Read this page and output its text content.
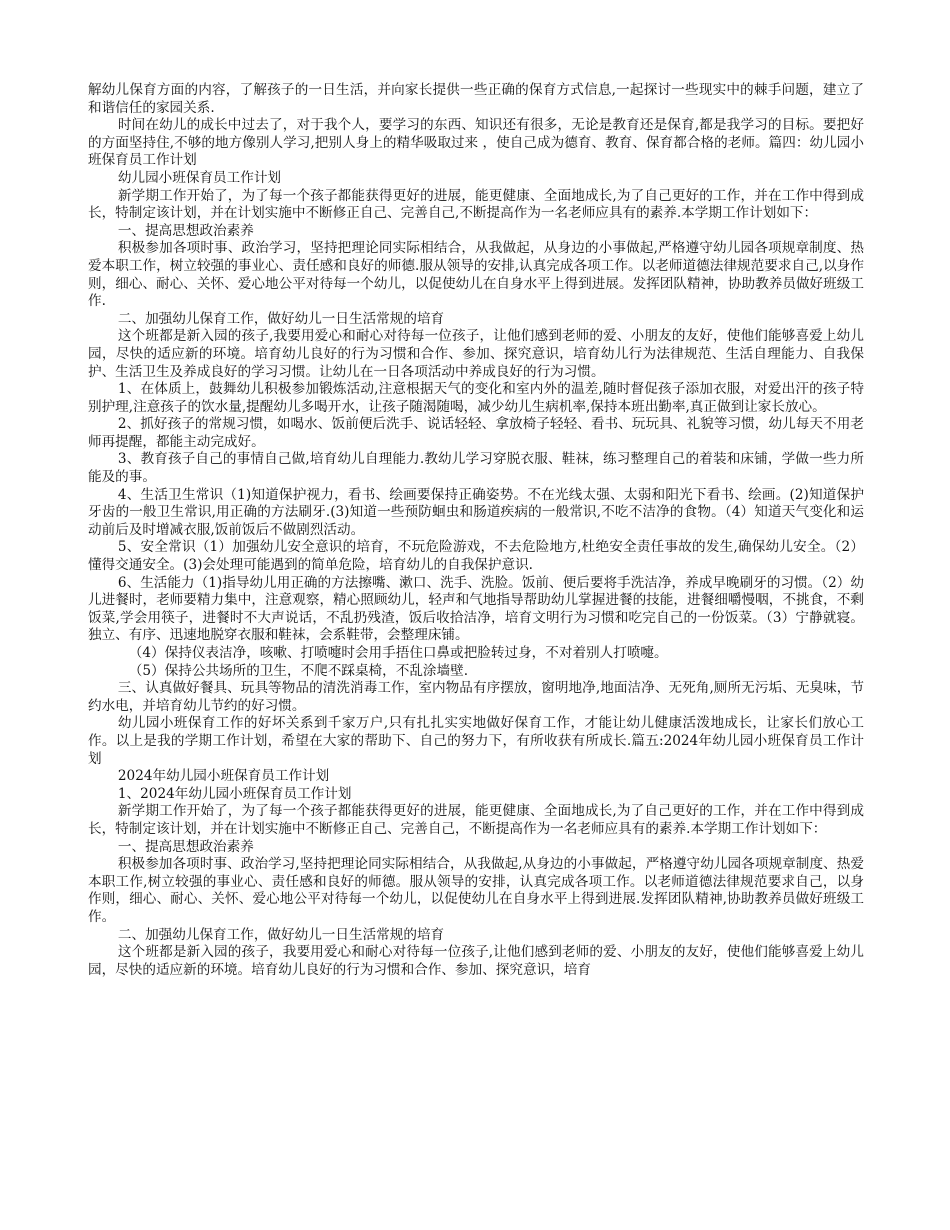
解幼儿保育方面的内容，了解孩子的一日生活，并向家长提供一些正确的保育方式信息,一起探讨一些现实中的棘手问题，建立了和谐信任的家园关系.

时间在幼儿的成长中过去了，对于我个人，要学习的东西、知识还有很多，无论是教育还是保育,都是我学习的目标。要把好的方面坚持住,不够的地方像别人学习,把别人身上的精华吸取过来 ，使自己成为德育、教育、保育都合格的老师。篇四：幼儿园小班保育员工作计划

幼儿园小班保育员工作计划

新学期工作开始了，为了每一个孩子都能获得更好的进展，能更健康、全面地成长,为了自己更好的工作，并在工作中得到成长，特制定该计划，并在计划实施中不断修正自己、完善自己,不断提高作为一名老师应具有的素养.本学期工作计划如下：

一、提高思想政治素养

积极参加各项时事、政治学习，坚持把理论同实际相结合，从我做起，从身边的小事做起,严格遵守幼儿园各项规章制度、热爱本职工作，树立较强的事业心、责任感和良好的师德.服从领导的安排,认真完成各项工作。以老师道德法律规范要求自己,以身作则，细心、耐心、关怀、爱心地公平对待每一个幼儿，以促使幼儿在自身水平上得到进展。发挥团队精神，协助教养员做好班级工作.

二、加强幼儿保育工作，做好幼儿一日生活常规的培育

这个班都是新入园的孩子,我要用爱心和耐心对待每一位孩子，让他们感到老师的爱、小朋友的友好，使他们能够喜爱上幼儿园，尽快的适应新的环境。培育幼儿良好的行为习惯和合作、参加、探究意识，培育幼儿行为法律规范、生活自理能力、自我保护、生活卫生及养成良好的学习习惯。让幼儿在一日各项活动中养成良好的行为习惯。

1、在体质上，鼓舞幼儿积极参加锻炼活动,注意根据天气的变化和室内外的温差,随时督促孩子添加衣服，对爱出汗的孩子特别护理,注意孩子的饮水量,提醒幼儿多喝开水，让孩子随渴随喝，减少幼儿生病机率,保持本班出勤率,真正做到让家长放心。

2、抓好孩子的常规习惯，如喝水、饭前便后洗手、说话轻轻、拿放椅子轻轻、看书、玩玩具、礼貌等习惯，幼儿每天不用老师再提醒，都能主动完成好。

3、教育孩子自己的事情自己做,培育幼儿自理能力.教幼儿学习穿脱衣服、鞋袜，练习整理自己的着装和床铺，学做一些力所能及的事。

4、生活卫生常识（1)知道保护视力，看书、绘画要保持正确姿势。不在光线太强、太弱和阳光下看书、绘画。(2)知道保护牙齿的一般卫生常识,用正确的方法刷牙.(3)知道一些预防蛔虫和肠道疾病的一般常识,不吃不洁净的食物。（4）知道天气变化和运动前后及时增减衣服,饭前饭后不做剧烈活动。

5、安全常识（1）加强幼儿安全意识的培育，不玩危险游戏，不去危险地方,杜绝安全责任事故的发生,确保幼儿安全。（2）懂得交通安全。(3)会处理可能遇到的简单危险，培育幼儿的自我保护意识.

6、生活能力（1)指导幼儿用正确的方法擦嘴、漱口、洗手、洗脸。饭前、便后要将手洗洁净，养成早晚刷牙的习惯。（2）幼儿进餐时，老师要精力集中，注意观察，精心照顾幼儿，轻声和气地指导帮助幼儿掌握进餐的技能，进餐细嚼慢咽，不挑食，不剩饭菜,学会用筷子，进餐时不大声说话，不乱扔残渣，饭后收拾洁净，培育文明行为习惯和吃完自己的一份饭菜。（3）宁静就寝。独立、有序、迅速地脱穿衣服和鞋袜，会系鞋带，会整理床铺。

（4）保持仪表洁净，咳嗽、打喷嚏时会用手捂住口鼻或把脸转过身，不对着别人打喷嚏。

（5）保持公共场所的卫生，不爬不踩桌椅，不乱涂墙壁.

三、认真做好餐具、玩具等物品的清洗消毒工作，室内物品有序摆放，窗明地净,地面洁净、无死角,厕所无污垢、无臭味，节约水电，并培育幼儿节约的好习惯。

幼儿园小班保育工作的好坏关系到千家万户,只有扎扎实实地做好保育工作，才能让幼儿健康活泼地成长，让家长们放心工作。以上是我的学期工作计划，希望在大家的帮助下、自己的努力下，有所收获有所成长.篇五:2024年幼儿园小班保育员工作计划

2024年幼儿园小班保育员工作计划

1、2024年幼儿园小班保育员工作计划

新学期工作开始了，为了每一个孩子都能获得更好的进展，能更健康、全面地成长,为了自己更好的工作，并在工作中得到成长，特制定该计划，并在计划实施中不断修正自己、完善自己，不断提高作为一名老师应具有的素养.本学期工作计划如下：

一、提高思想政治素养

积极参加各项时事、政治学习,坚持把理论同实际相结合，从我做起,从身边的小事做起，严格遵守幼儿园各项规章制度、热爱本职工作,树立较强的事业心、责任感和良好的师德。服从领导的安排，认真完成各项工作。以老师道德法律规范要求自己，以身作则，细心、耐心、关怀、爱心地公平对待每一个幼儿，以促使幼儿在自身水平上得到进展.发挥团队精神,协助教养员做好班级工作。

二、加强幼儿保育工作，做好幼儿一日生活常规的培育

这个班都是新入园的孩子，我要用爱心和耐心对待每一位孩子,让他们感到老师的爱、小朋友的友好，使他们能够喜爱上幼儿园，尽快的适应新的环境。培育幼儿良好的行为习惯和合作、参加、探究意识，培育
